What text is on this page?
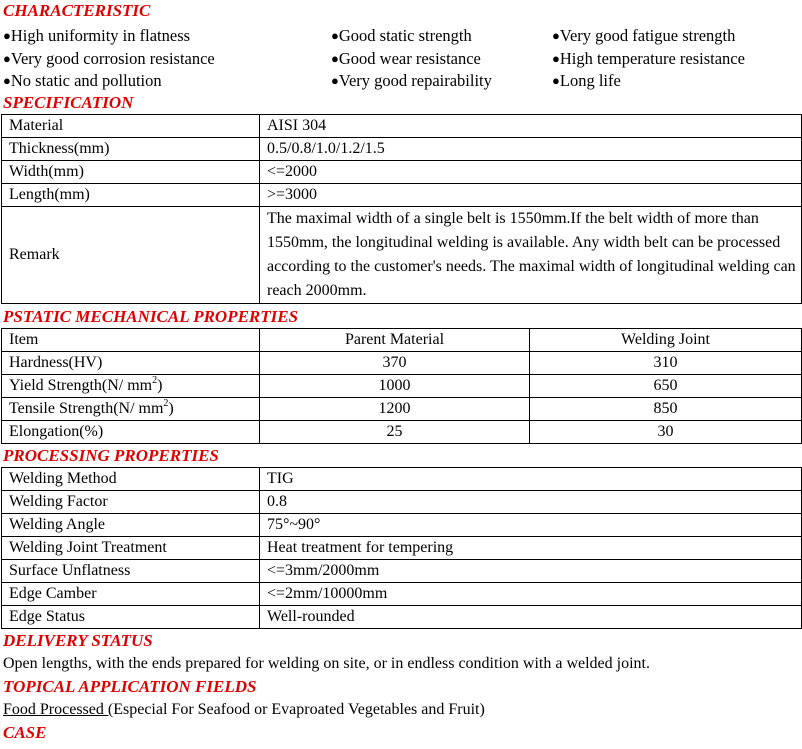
CHARACTERISTIC
●High uniformity in flatness	●Good static strength	●Very good fatigue strength
●Very good corrosion resistance	●Good wear resistance	●High temperature resistance
●No static and pollution	●Very good repairability	●Long life
SPECIFICATION
Material	AISI 304
Thickness(mm)	0.5/0.8/1.0/1.2/1.5
Width(mm)	<=2000
Length(mm)	>=3000
Remark	The maximal width of a single belt is 1550mm.If the belt width of more than 1550mm, the longitudinal welding is available. Any width belt can be processed according to the customer's needs. The maximal width of longitudinal welding can reach 2000mm.
PSTATIC MECHANICAL PROPERTIES
Item	Parent Material	Welding Joint
Hardness(HV)	370	310
Yield Strength(N/ $mm^2$)	1000	650
Tensile Strength(N/ $mm^2$)	1200	850
Elongation(%)	25	30
PROCESSING PROPERTIES
Welding Method	TIG
Welding Factor	0.8
Welding Angle	75°~90°
Welding Joint Treatment	Heat treatment for tempering
Surface Unflatness	<=3mm/2000mm
Edge Camber	<=2mm/10000mm
Edge Status	Well-rounded
DELIVERY STATUS
Open lengths, with the ends prepared for welding on site, or in endless condition with a welded joint.
TOPICAL APPLICATION FIELDS
Food Processed (Especial For Seafood or Evaproated Vegetables and Fruit)
CASE
